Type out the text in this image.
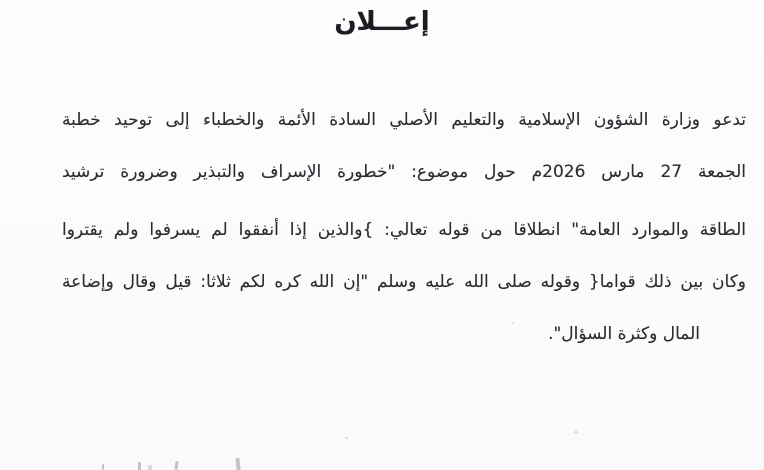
إعـــلان

تدعو وزارة الشؤون الإسلامية والتعليم الأصلي السادة الأئمة والخطباء إلى توحيد خطبة

الجمعة 27 مارس 2026م حول موضوع: "خطورة الإسراف والتبذير وضرورة ترشيد

الطاقة والموارد العامة" انطلاقا من قوله تعالي: }والذين إذا أنفقوا لم يسرفوا ولم يقتروا

وكان بين ذلك قواما{ وقوله صلى الله عليه وسلم "إن الله كره لكم ثلاثا: قيل وقال وإضاعة

المال وكثرة السؤال".
